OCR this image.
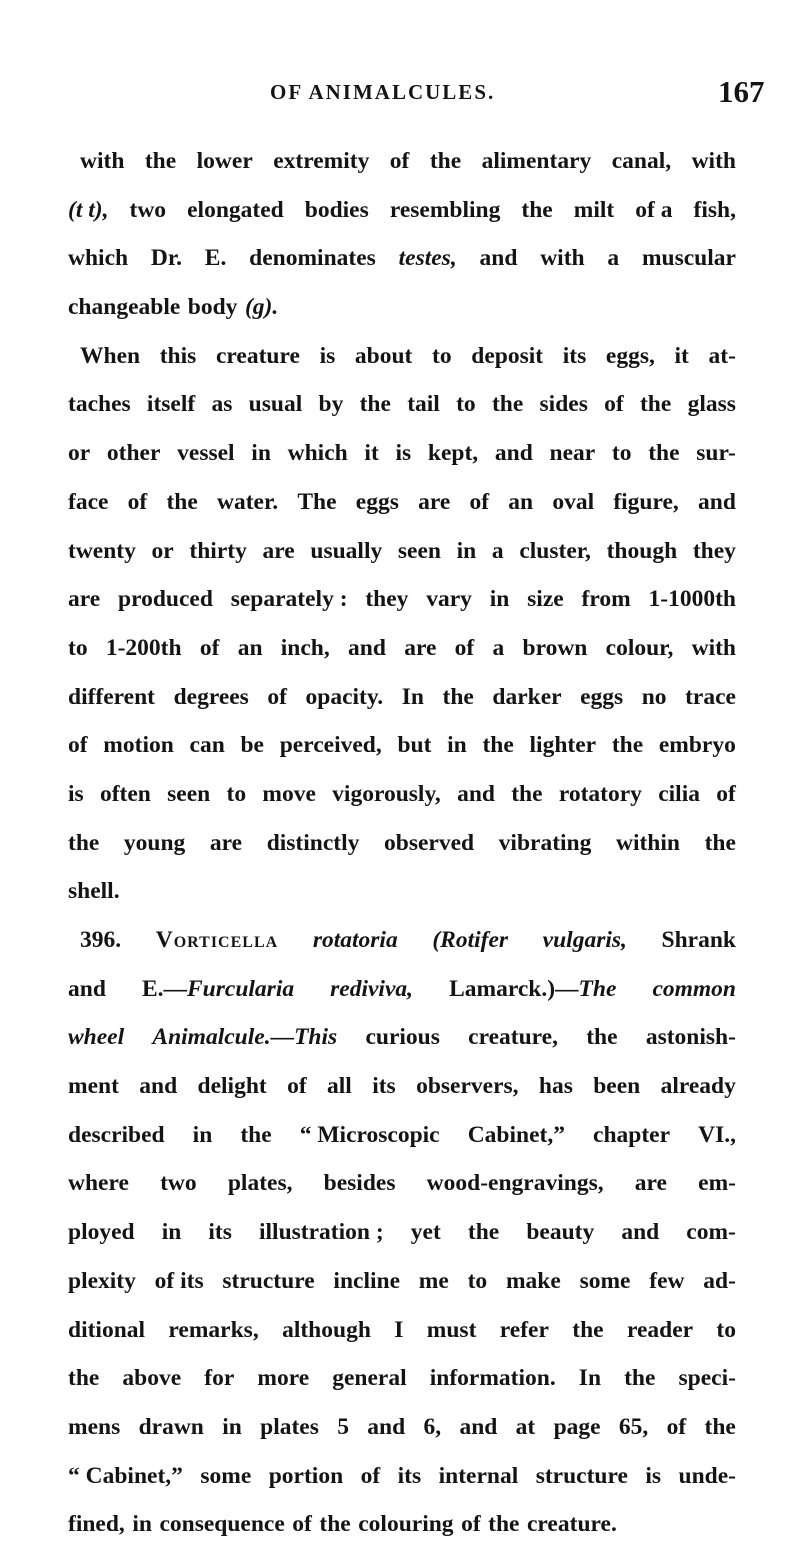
OF ANIMALCULES.	167
with the lower extremity of the alimentary canal, with
(t t), two elongated bodies resembling the milt of a fish,
which Dr. E. denominates testes, and with a muscular
changeable body (g).
When this creature is about to deposit its eggs, it at-
taches itself as usual by the tail to the sides of the glass
or other vessel in which it is kept, and near to the sur-
face of the water. The eggs are of an oval figure, and
twenty or thirty are usually seen in a cluster, though they
are produced separately : they vary in size from 1-1000th
to 1-200th of an inch, and are of a brown colour, with
different degrees of opacity. In the darker eggs no trace
of motion can be perceived, but in the lighter the embryo
is often seen to move vigorously, and the rotatory cilia of
the young are distinctly observed vibrating within the
shell.
396. Vorticella rotatoria (Rotifer vulgaris, Shrank
and E.—Furcularia rediviva, Lamarck.)—The common
wheel Animalcule.—This curious creature, the astonish-
ment and delight of all its observers, has been already
described in the “ Microscopic Cabinet,” chapter VI.,
where two plates, besides wood-engravings, are em-
ployed in its illustration ; yet the beauty and com-
plexity of its structure incline me to make some few ad-
ditional remarks, although I must refer the reader to
the above for more general information. In the speci-
mens drawn in plates 5 and 6, and at page 65, of the
“ Cabinet,” some portion of its internal structure is unde-
fined, in consequence of the colouring of the creature.
